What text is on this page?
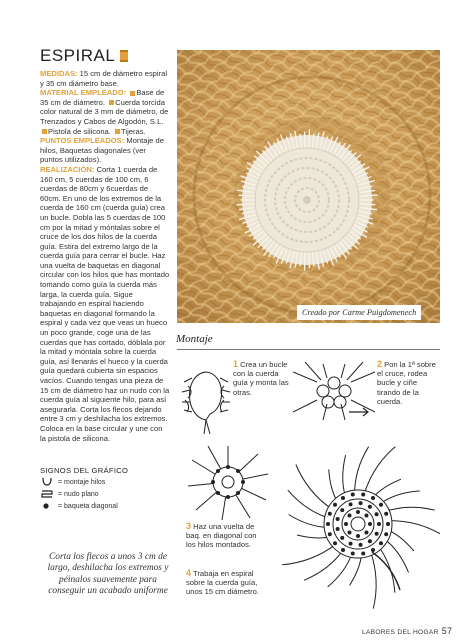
ESPIRAL

MEDIDAS: 15 cm de diámetro espiral y 35 cm diámetro base.

MATERIAL EMPLEADO: Base de 35 cm de diámetro. Cuerda torcida color natural de 3 mm de diámetro, de Trenzados y Cabos de Algodón, S.L. Pistola de silicona. Tijeras.

PUNTOS EMPLEADOS: Montaje de hilos, Baquetas diagonales (ver puntos utilizados).

REALIZACIÓN: Corta 1 cuerda de 160 cm, 5 cuerdas de 100 cm, 6 cuerdas de 80cm y 6cuerdas de 60cm. En uno de los extremos de la cuerda de 160 cm (cuerda guía) crea un bucle. Dobla las 5 cuerdas de 100 cm por la mitad y móntalas sobre el cruce de los dos hilos de la cuerda guía. Estira del extremo largo de la cuerda guía para cerrar el bucle. Haz una vuelta de baquetas en diagonal circular con los hilos que has montado tomando como guía la cuerda más larga, la cuerda guía. Sigue trabajando en espiral haciendo baquetas en diagonal formando la espiral y cada vez que veas un hueco un poco grande, coge una de las cuerdas que has cortado, dóblala por la mitad y móntala sobre la cuerda guía, así llenarás el hueco y la cuerda guía quedará cubierta sin espacios vacíos. Cuando tengas una pieza de 15 cm de diámetro haz un nudo con la cuerda guía al siguiente hilo, para así asegurarla. Corta los flecos dejando entre 3 cm y deshilacha los extremos. Coloca en la base circular y une con la pistola de silicona.

SIGNOS DEL GRÁFICO
= montaje hilos
= nudo plano
= baqueta diagonal
Corta los flecos a unos 3 cm de largo, deshilacha los extremos y péinalos suavemente para conseguir un acabado uniforme
Creado por Carme Puigdomenech
Montaje
1 Crea un bucle con la cuerda guía y monta las otras.
2 Pon la 1ª sobre el cruce, rodea bucle y ciñe tirando de la cuerda.
3 Haz una vuelta de baq. en diagonal con los hilos montados.
4 Trabaja en espiral sobre la cuerda guía, unos 15 cm diámetro.
LABORES DEL HOGAR 57
